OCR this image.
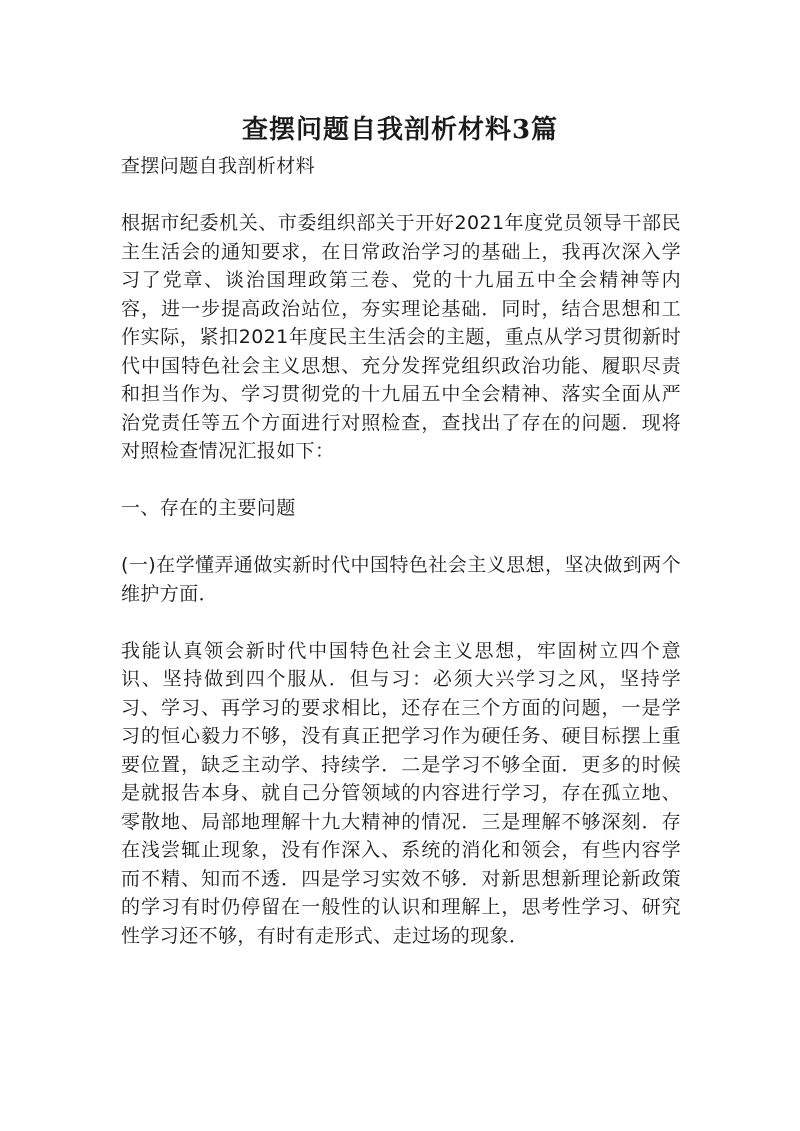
查摆问题自我剖析材料3篇

查摆问题自我剖析材料

根据市纪委机关、市委组织部关于开好2021年度党员领导干部民主生活会的通知要求，在日常政治学习的基础上，我再次深入学习了党章、谈治国理政第三卷、党的十九届五中全会精神等内容，进一步提高政治站位，夯实理论基础．同时，结合思想和工作实际，紧扣2021年度民主生活会的主题，重点从学习贯彻新时代中国特色社会主义思想、充分发挥党组织政治功能、履职尽责和担当作为、学习贯彻党的十九届五中全会精神、落实全面从严治党责任等五个方面进行对照检查，查找出了存在的问题．现将对照检查情况汇报如下：

一、存在的主要问题

(一)在学懂弄通做实新时代中国特色社会主义思想，坚决做到两个维护方面．

我能认真领会新时代中国特色社会主义思想，牢固树立四个意识、坚持做到四个服从．但与习：必须大兴学习之风，坚持学习、学习、再学习的要求相比，还存在三个方面的问题，一是学习的恒心毅力不够，没有真正把学习作为硬任务、硬目标摆上重要位置，缺乏主动学、持续学．二是学习不够全面．更多的时候是就报告本身、就自己分管领域的内容进行学习，存在孤立地、零散地、局部地理解十九大精神的情况．三是理解不够深刻．存在浅尝辄止现象，没有作深入、系统的消化和领会，有些内容学而不精、知而不透．四是学习实效不够．对新思想新理论新政策的学习有时仍停留在一般性的认识和理解上，思考性学习、研究性学习还不够，有时有走形式、走过场的现象．
